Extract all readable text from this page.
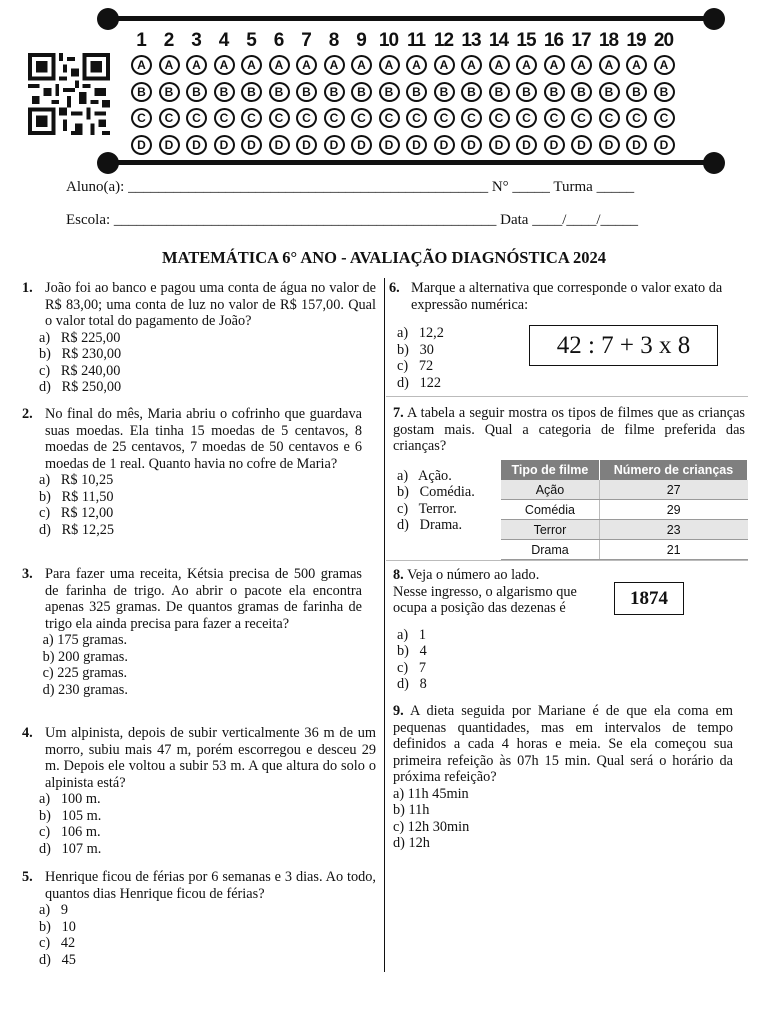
1 2 3 4 5 6 7 8 9 10 11 12 13 14 15 16 17 18 19 20
A	A	A	A	A	A	A	A	A	A	A	A	A	A	A	A	A	A	A	A
B	B	B	B	B	B	B	B	B	B	B	B	B	B	B	B	B	B	B	B
C	C	C	C	C	C	C	C	C	C	C	C	C	C	C	C	C	C	C	C
D	D	D	D	D	D	D	D	D	D	D	D	D	D	D	D	D	D	D	D
Aluno(a): ________________________________________________ N° _____ Turma _____
Escola: ___________________________________________________ Data ____/____/_____
MATEMÁTICA 6° ANO - AVALIAÇÃO DIAGNÓSTICA 2024
1. João foi ao banco e pagou uma conta de água no valor de R$ 83,00; uma conta de luz no valor de R$ 157,00. Qual o valor total do pagamento de João?
a)   R$ 225,00
b)   R$ 230,00
c)   R$ 240,00
d)   R$ 250,00
2. No final do mês, Maria abriu o cofrinho que guardava suas moedas. Ela tinha 15 moedas de 5 centavos, 8 moedas de 25 centavos, 7 moedas de 50 centavos e 6 moedas de 1 real. Quanto havia no cofre de Maria?
a)   R$ 10,25
b)   R$ 11,50
c)   R$ 12,00
d)   R$ 12,25
3. Para fazer uma receita, Kétsia precisa de 500 gramas de farinha de trigo. Ao abrir o pacote ela encontra apenas 325 gramas. De quantos gramas de farinha de trigo ela ainda precisa para fazer a receita?
a) 175 gramas.
b) 200 gramas.
c) 225 gramas.
d) 230 gramas.
4. Um alpinista, depois de subir verticalmente 36 m de um morro, subiu mais 47 m, porém escorregou e desceu 29 m. Depois ele voltou a subir 53 m. A que altura do solo o alpinista está?
a)   100 m.
b)   105 m.
c)   106 m.
d)   107 m.
5. Henrique ficou de férias por 6 semanas e 3 dias. Ao todo, quantos dias Henrique ficou de férias?
a)   9
b)   10
c)   42
d)   45
6. Marque a alternativa que corresponde o valor exato da expressão numérica:
a)   12,2
b)   30
c)   72
d)   122
42 : 7 + 3 x 8
7. A tabela a seguir mostra os tipos de filmes que as crianças gostam mais. Qual a categoria de filme preferida das crianças?
a)   Ação.
b)   Comédia.
c)   Terror.
d)   Drama.
Tipo de filme	Número de crianças
Ação	27
Comédia	29
Terror	23
Drama	21
8. Veja o número ao lado.
Nesse ingresso, o algarismo que ocupa a posição das dezenas é
a)   1
b)   4
c)   7
d)   8
1874
9. A dieta seguida por Mariane é de que ela coma em pequenas quantidades, mas em intervalos de tempo definidos a cada 4 horas e meia. Se ela começou sua primeira refeição às 07h 15 min. Qual será o horário da próxima refeição?
a) 11h 45min
b) 11h
c) 12h 30min
d) 12h
